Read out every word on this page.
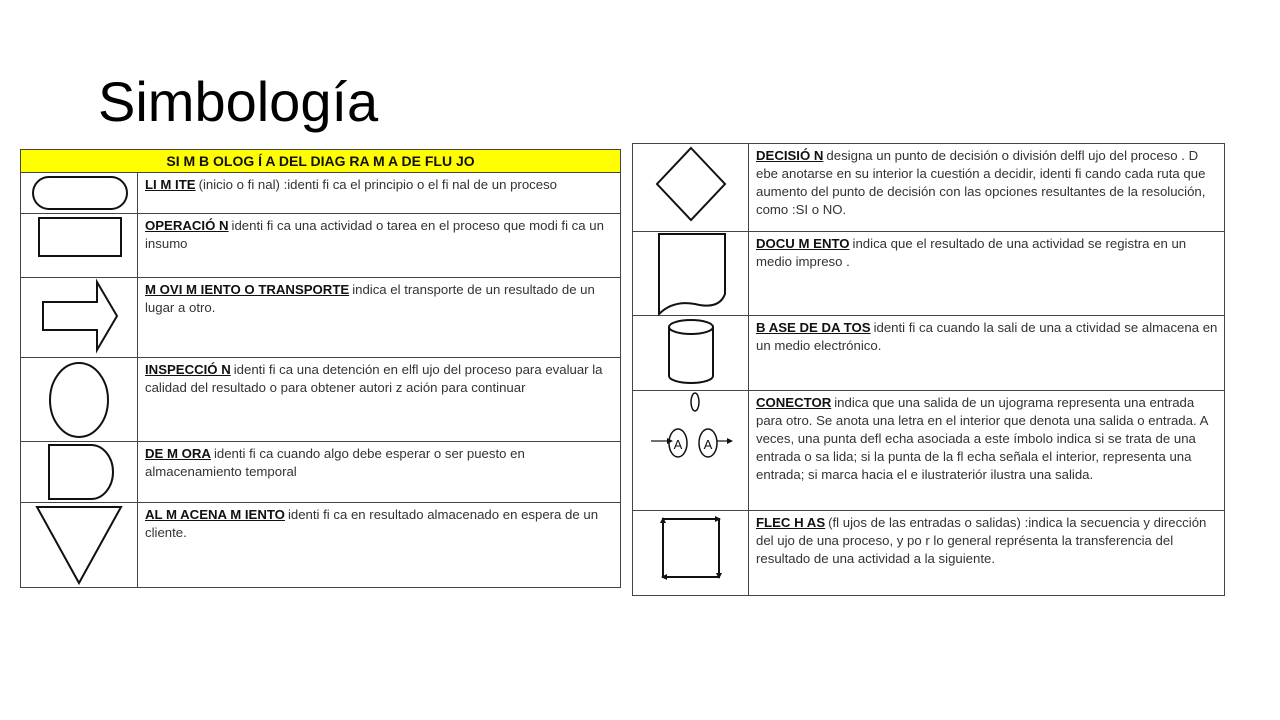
Simbología
SI M B OLOG Í A DEL DIAG RA M A DE FLU JO	

	LI M ITE (inicio o fi nal) :identi fi ca el principio o el fi nal de un proceso

	OPERACIÓ N identi fi ca una actividad o tarea en el proceso que modi fi ca un insumo

	M OVI M IENTO O TRANSPORTE indica el transporte de un resultado de un lugar a otro.

	INSPECCIÓ N identi fi ca una detención en elfl ujo del proceso para evaluar la calidad del resultado o para obtener autori z ación para continuar

	DE M ORA identi fi ca cuando algo debe esperar o ser puesto en almacenamiento temporal

	AL M ACENA M IENTO identi fi ca en resultado almacenado en espera de un cliente.
	DECISIÓ N designa un punto de decisión o división delfl ujo del proceso . D ebe anotarse en su interior la cuestión a decidir, identi fi cando cada ruta que aumento del punto de decisión con las opciones resultantes de la resolución, como :SI o NO.

	DOCU M ENTO indica que el resultado de una actividad se registra en un medio impreso .

	B ASE DE DA TOS identi fi ca cuando la sali de una a ctividad se almacena en un medio electrónico.

A A	CONECTOR indica que una salida de un ujograma representa una entrada para otro. Se anota una letra en el interior que denota una salida o entrada. A veces, una punta defl echa asociada a este ímbolo indica si se trata de una entrada o sa lida; si la punta de la fl echa señala el interior, representa una entrada; si marca hacia el e ilustrateriór ilustra una salida.

	FLEC H AS (fl ujos de las entradas o salidas) :indica la secuencia y dirección del ujo de una proceso, y po r lo general représenta la transferencia del resultado de una actividad a la siguiente.
